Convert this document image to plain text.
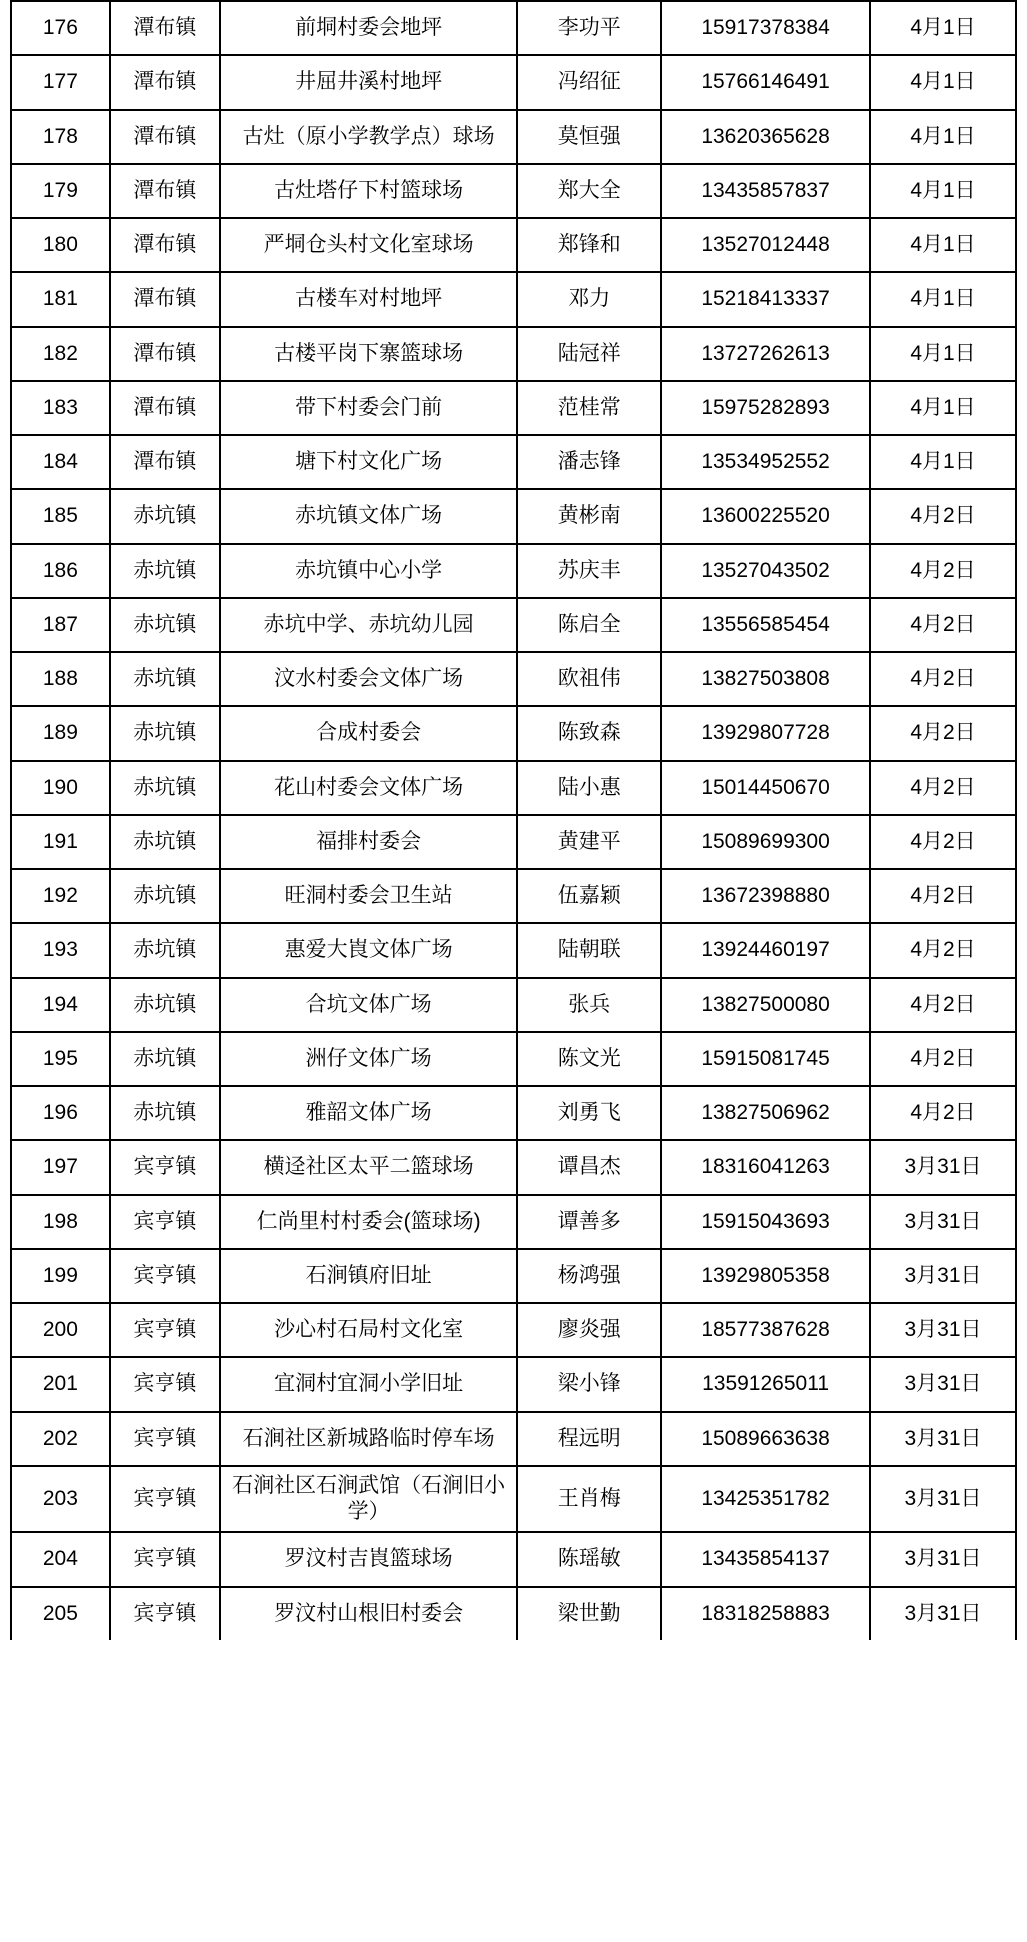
176	潭布镇	前垌村委会地坪	李功平	15917378384	4月1日
177	潭布镇	井屈井溪村地坪	冯绍征	15766146491	4月1日
178	潭布镇	古灶（原小学教学点）球场	莫恒强	13620365628	4月1日
179	潭布镇	古灶塔仔下村篮球场	郑大全	13435857837	4月1日
180	潭布镇	严垌仓头村文化室球场	郑锋和	13527012448	4月1日
181	潭布镇	古楼车对村地坪	邓力	15218413337	4月1日
182	潭布镇	古楼平岗下寨篮球场	陆冠祥	13727262613	4月1日
183	潭布镇	带下村委会门前	范桂常	15975282893	4月1日
184	潭布镇	塘下村文化广场	潘志锋	13534952552	4月1日
185	赤坑镇	赤坑镇文体广场	黄彬南	13600225520	4月2日
186	赤坑镇	赤坑镇中心小学	苏庆丰	13527043502	4月2日
187	赤坑镇	赤坑中学、赤坑幼儿园	陈启全	13556585454	4月2日
188	赤坑镇	汶水村委会文体广场	欧祖伟	13827503808	4月2日
189	赤坑镇	合成村委会	陈致森	13929807728	4月2日
190	赤坑镇	花山村委会文体广场	陆小惠	15014450670	4月2日
191	赤坑镇	福排村委会	黄建平	15089699300	4月2日
192	赤坑镇	旺洞村委会卫生站	伍嘉颖	13672398880	4月2日
193	赤坑镇	惠爱大崀文体广场	陆朝联	13924460197	4月2日
194	赤坑镇	合坑文体广场	张兵	13827500080	4月2日
195	赤坑镇	洲仔文体广场	陈文光	15915081745	4月2日
196	赤坑镇	雅韶文体广场	刘勇飞	13827506962	4月2日
197	宾亨镇	横迳社区太平二篮球场	谭昌杰	18316041263	3月31日
198	宾亨镇	仁尚里村村委会(篮球场)	谭善多	15915043693	3月31日
199	宾亨镇	石涧镇府旧址	杨鸿强	13929805358	3月31日
200	宾亨镇	沙心村石局村文化室	廖炎强	18577387628	3月31日
201	宾亨镇	宜洞村宜洞小学旧址	梁小锋	13591265011	3月31日
202	宾亨镇	石涧社区新城路临时停车场	程远明	15089663638	3月31日
203	宾亨镇	石涧社区石涧武馆（石涧旧小学）	王肖梅	13425351782	3月31日
204	宾亨镇	罗汶村吉崀篮球场	陈瑶敏	13435854137	3月31日
205	宾亨镇	罗汶村山根旧村委会	梁世勤	18318258883	3月31日
